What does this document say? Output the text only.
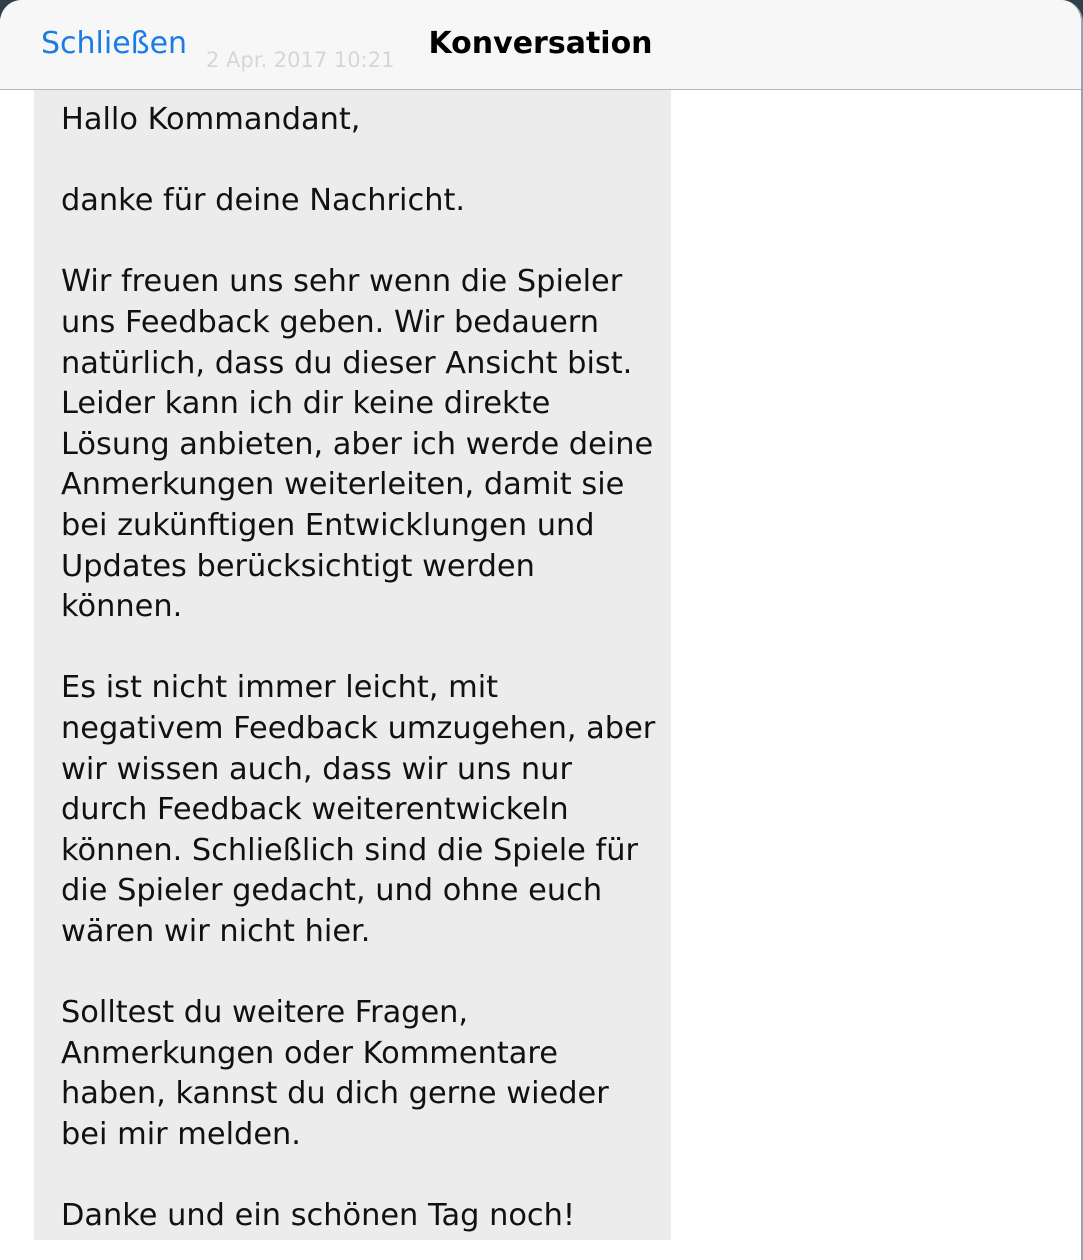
2 Apr. 2017 10:21	Konversation
Schließen

Hallo Kommandant,

danke für deine Nachricht.

Wir freuen uns sehr wenn die Spieler uns Feedback geben. Wir bedauern natürlich, dass du dieser Ansicht bist. Leider kann ich dir keine direkte Lösung anbieten, aber ich werde deine Anmerkungen weiterleiten, damit sie bei zukünftigen Entwicklungen und Updates berücksichtigt werden können.

Es ist nicht immer leicht, mit negativem Feedback umzugehen, aber wir wissen auch, dass wir uns nur durch Feedback weiterentwickeln können. Schließlich sind die Spiele für die Spieler gedacht, und ohne euch wären wir nicht hier.

Solltest du weitere Fragen, Anmerkungen oder Kommentare haben, kannst du dich gerne wieder bei mir melden.

Danke und ein schönen Tag noch!
